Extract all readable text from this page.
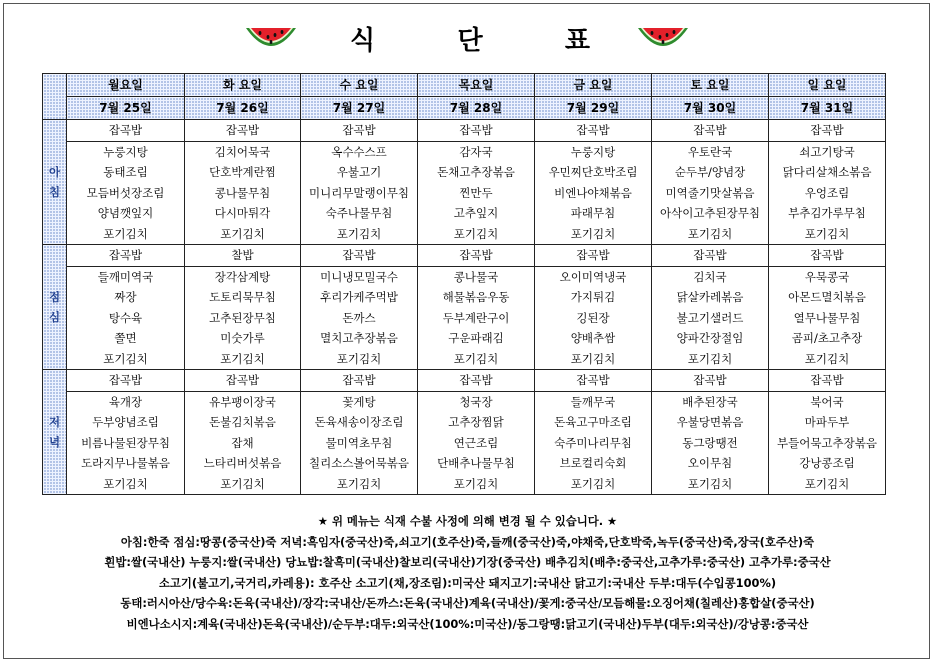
식	단	표
	월요일	화 요일	수 요일	목요일	금 요일	토 요일	일 요일
	7월 25일	7월 26일	7월 27일	7월 28일	7월 29일	7월 30일	7월 31일

아
침	잡곡밥	잡곡밥	잡곡밥	잡곡밥	잡곡밥	잡곡밥	잡곡밥
	누룽지탕	김치어묵국	옥수수스프	감자국	누룽지탕	우토란국	쇠고기탕국
	동태조림	단호박계란찜	우불고기	돈채고추장볶음	우민찌단호박조림	순두부/양념장	닭다리살채소볶음
	모듬버섯장조림	콩나물무침	미니리무말랭이무침	찐만두	비엔나야채볶음	미역줄기맛살볶음	우엉조림
	양념깻잎지	다시마튀각	숙주나물무침	고추잎지	파래무침	아삭이고추된장무침	부추김가루무침
	포기김치	포기김치	포기김치	포기김치	포기김치	포기김치	포기김치

점
심	잡곡밥	찰밥	잡곡밥	잡곡밥	잡곡밥	잡곡밥	잡곡밥
	들깨미역국	장각삼계탕	미니냉모밀국수	콩나물국	오이미역냉국	김치국	우묵콩국
	짜장	도토리묵무침	후리가케주먹밥	해물볶음우동	가지튀김	닭살카레볶음	아몬드멸치볶음
	탕수육	고추된장무침	돈까스	두부계란구이	깅된장	불고기샐러드	열무나물무침
	쫄면	미숫가루	멸치고추장볶음	구운파래김	양배추쌈	양파간장절임	곰피/초고추장
	포기김치	포기김치	포기김치	포기김치	포기김치	포기김치	포기김치

저
녁	잡곡밥	잡곡밥	잡곡밥	잡곡밥	잡곡밥	잡곡밥	잡곡밥
	육개장	유부팽이장국	꽃게탕	청국장	들깨무국	배추된장국	북어국
	두부양념조림	돈불김치볶음	돈육새송이장조림	고추장찜닭	돈육고구마조림	우불당면볶음	마파두부
	비름나물된장무침	잡채	물미역초무침	연근조림	숙주미나리무침	동그랑땡전	부들어묵고추장볶음
	도라지무나물볶음	느타리버섯볶음	칠리소스볼어묵볶음	단배추나물무침	브로컬리숙회	오이무침	강낭콩조림
	포기김치	포기김치	포기김치	포기김치	포기김치	포기김치	포기김치
★ 위 메뉴는 식재 수불 사정에 의해 변경 될 수 있습니다. ★
아침:한죽 점심:땅콩(중국산)죽 저녁:흑임자(중국산)죽,쇠고기(호주산)죽,들깨(중국산)죽,야채죽,단호박죽,녹두(중국산)죽,장국(호주산)죽
흰밥:쌀(국내산) 누룽지:쌀(국내산) 당뇨밥:찰흑미(국내산)찰보리(국내산)기장(중국산) 배추김치(배추:중국산,고추가루:중국산) 고추가루:중국산
소고기(불고기,국거리,카레용): 호주산 소고기(채,장조림):미국산 돼지고기:국내산 닭고기:국내산 두부:대두(수입콩100%)
동태:러시아산/당수육:돈육(국내산)/장각:국내산/돈까스:돈육(국내산)계육(국내산)/꽃게:중국산/모듬해물:오징어채(칠레산)홍합살(중국산)
비엔나소시지:계육(국내산)돈육(국내산)/순두부:대두:외국산(100%:미국산)/동그랑땡:닭고기(국내산)두부(대두:외국산)/강낭콩:중국산
